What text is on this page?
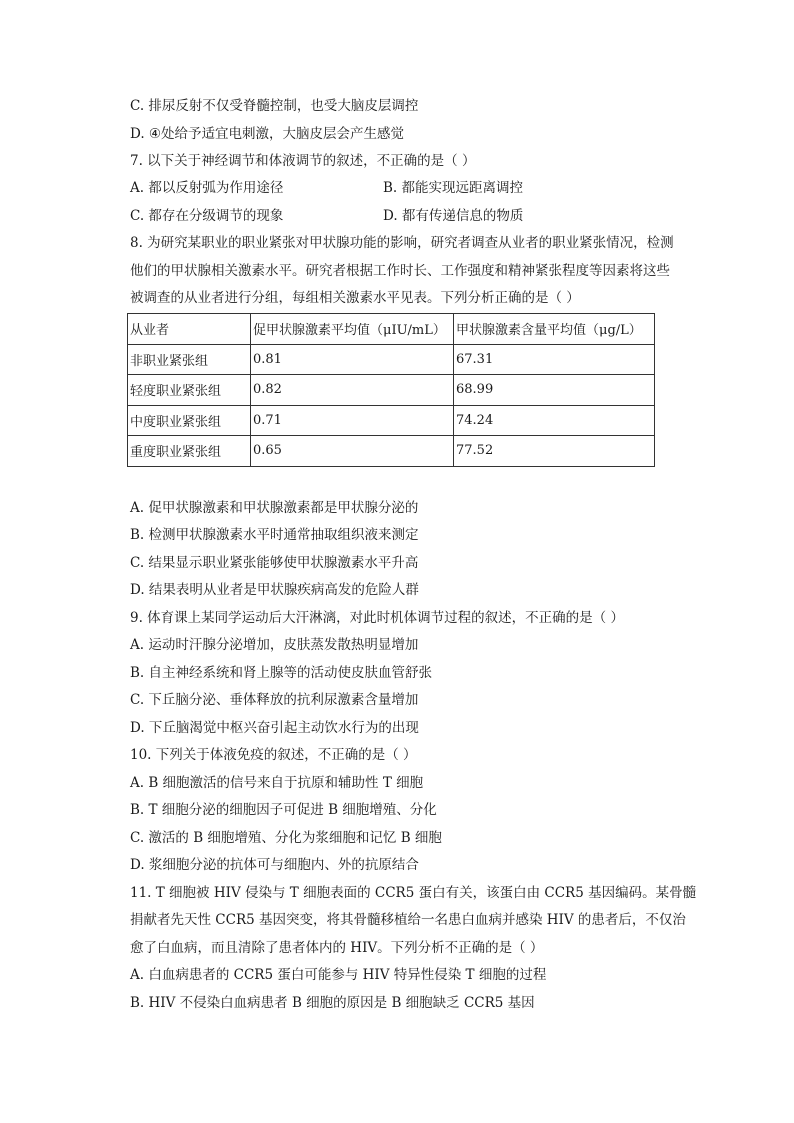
C. 排尿反射不仅受脊髓控制，也受大脑皮层调控
D. ④处给予适宜电刺激，大脑皮层会产生感觉
7. 以下关于神经调节和体液调节的叙述，不正确的是（ ）
A. 都以反射弧为作用途径	B. 都能实现远距离调控
C. 都存在分级调节的现象	D. 都有传递信息的物质
8. 为研究某职业的职业紧张对甲状腺功能的影响，研究者调查从业者的职业紧张情况，检测
他们的甲状腺相关激素水平。研究者根据工作时长、工作强度和精神紧张程度等因素将这些
被调查的从业者进行分组，每组相关激素水平见表。下列分析正确的是（ ）
从业者	促甲状腺激素平均值（μIU/mL）	甲状腺激素含量平均值（μg/L）
非职业紧张组	0.81	67.31
轻度职业紧张组	0.82	68.99
中度职业紧张组	0.71	74.24
重度职业紧张组	0.65	77.52
A. 促甲状腺激素和甲状腺激素都是甲状腺分泌的
B. 检测甲状腺激素水平时通常抽取组织液来测定
C. 结果显示职业紧张能够使甲状腺激素水平升高
D. 结果表明从业者是甲状腺疾病高发的危险人群
9. 体育课上某同学运动后大汗淋漓，对此时机体调节过程的叙述，不正确的是（ ）
A. 运动时汗腺分泌增加，皮肤蒸发散热明显增加
B. 自主神经系统和肾上腺等的活动使皮肤血管舒张
C. 下丘脑分泌、垂体释放的抗利尿激素含量增加
D. 下丘脑渴觉中枢兴奋引起主动饮水行为的出现
10. 下列关于体液免疫的叙述，不正确的是（ ）
A. B 细胞激活的信号来自于抗原和辅助性 T 细胞
B. T 细胞分泌的细胞因子可促进 B 细胞增殖、分化
C. 激活的 B 细胞增殖、分化为浆细胞和记忆 B 细胞
D. 浆细胞分泌的抗体可与细胞内、外的抗原结合
11. T 细胞被 HIV 侵染与 T 细胞表面的 CCR5 蛋白有关，该蛋白由 CCR5 基因编码。某骨髓
捐献者先天性 CCR5 基因突变，将其骨髓移植给一名患白血病并感染 HIV 的患者后，不仅治
愈了白血病，而且清除了患者体内的 HIV。下列分析不正确的是（ ）
A. 白血病患者的 CCR5 蛋白可能参与 HIV 特异性侵染 T 细胞的过程
B. HIV 不侵染白血病患者 B 细胞的原因是 B 细胞缺乏 CCR5 基因
